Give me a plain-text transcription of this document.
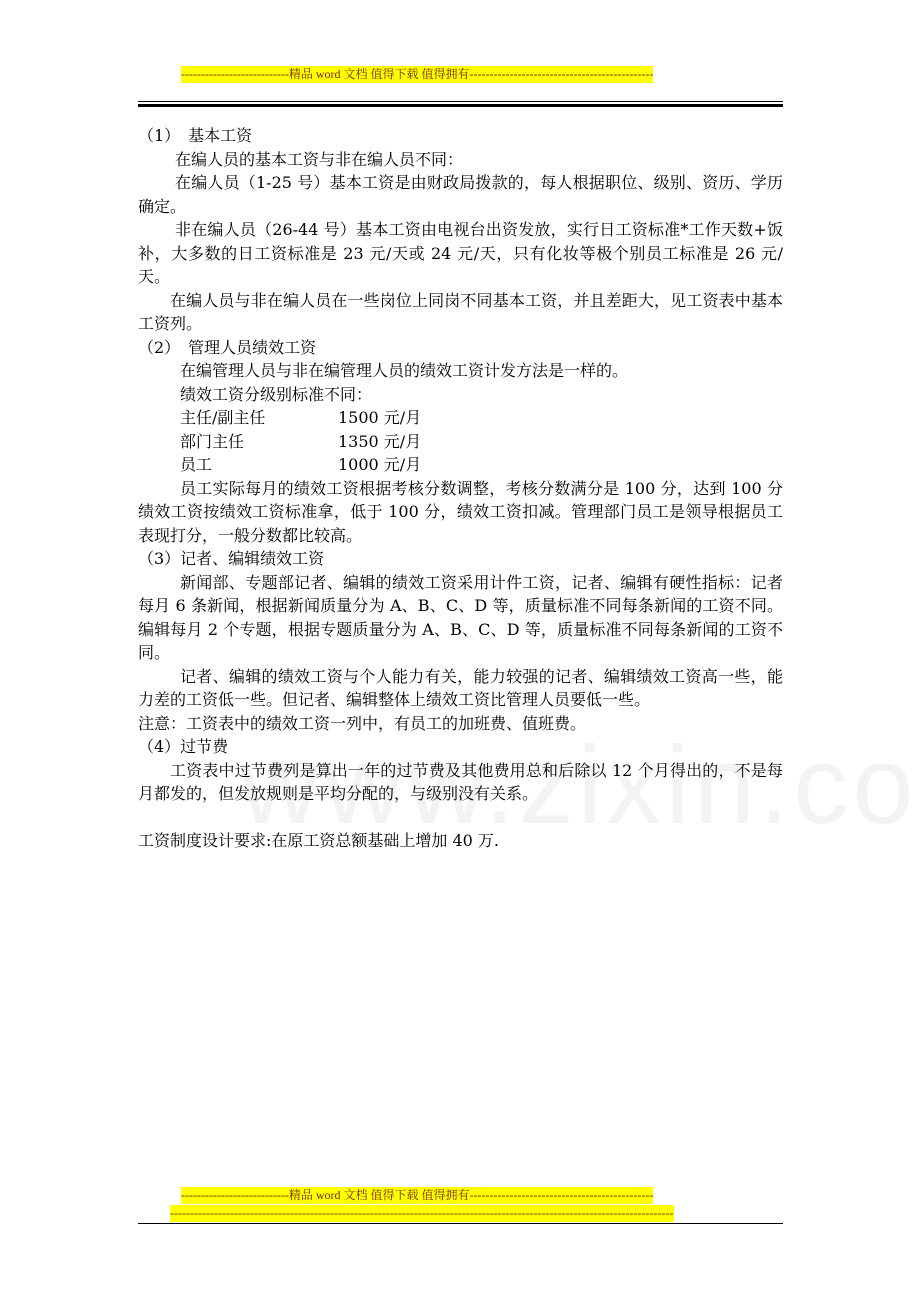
---------------------------精品 word 文档 值得下载 值得拥有----------------------------------------------

（1）　基本工资

在编人员的基本工资与非在编人员不同：

在编人员（1-25 号）基本工资是由财政局拨款的，每人根据职位、级别、资历、学历确定。

非在编人员（26-44 号）基本工资由电视台出资发放，实行日工资标准*工作天数+饭补，大多数的日工资标准是 23 元/天或 24 元/天，只有化妆等极个别员工标准是 26 元/天。

在编人员与非在编人员在一些岗位上同岗不同基本工资，并且差距大，见工资表中基本工资列。

（2）　管理人员绩效工资

在编管理人员与非在编管理人员的绩效工资计发方法是一样的。

绩效工资分级别标准不同：

主任/副主任	1500 元/月
部门主任	1350 元/月
员工	1000 元/月

员工实际每月的绩效工资根据考核分数调整，考核分数满分是 100 分，达到 100 分绩效工资按绩效工资标准拿，低于 100 分，绩效工资扣减。管理部门员工是领导根据员工表现打分，一般分数都比较高。

（3）记者、编辑绩效工资

新闻部、专题部记者、编辑的绩效工资采用计件工资，记者、编辑有硬性指标：记者每月 6 条新闻，根据新闻质量分为 A、B、C、D 等，质量标准不同每条新闻的工资不同。编辑每月 2 个专题，根据专题质量分为 A、B、C、D 等，质量标准不同每条新闻的工资不同。

记者、编辑的绩效工资与个人能力有关，能力较强的记者、编辑绩效工资高一些，能力差的工资低一些。但记者、编辑整体上绩效工资比管理人员要低一些。

注意：工资表中的绩效工资一列中，有员工的加班费、值班费。

（4）过节费

工资表中过节费列是算出一年的过节费及其他费用总和后除以 12 个月得出的，不是每月都发的，但发放规则是平均分配的，与级别没有关系。

工资制度设计要求:在原工资总额基础上增加 40 万.

---------------------------精品 word 文档 值得下载 值得拥有----------------------------------------------
------------------------------------------------------------------------------------------------------------------------------
